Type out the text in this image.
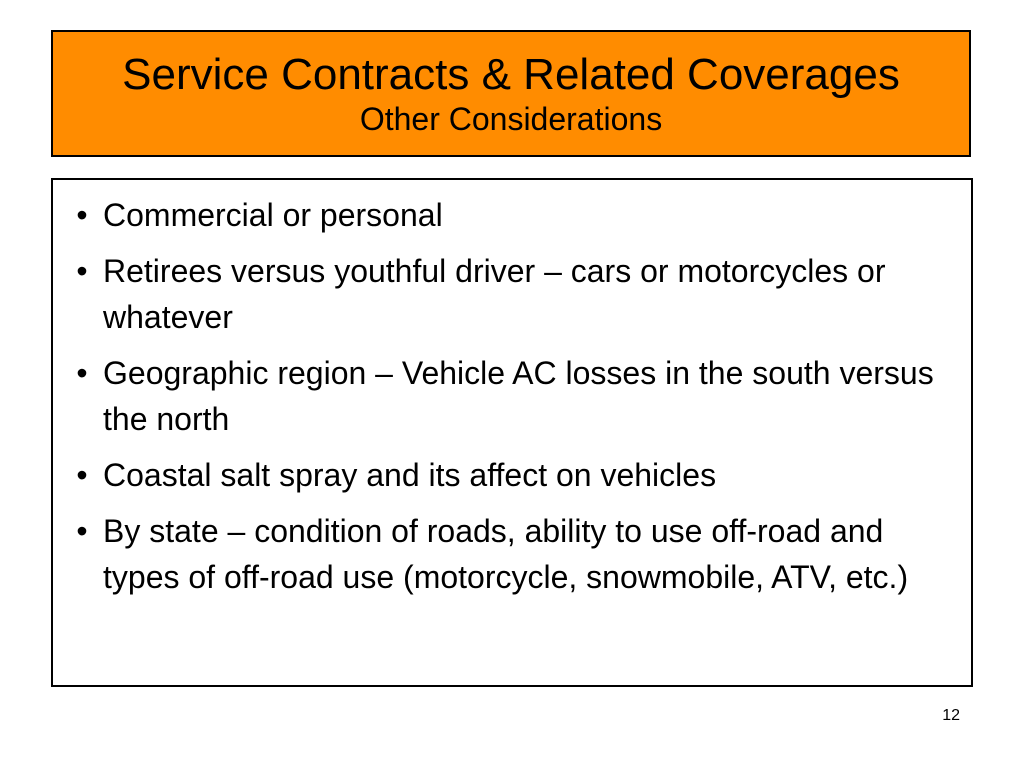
Service Contracts & Related Coverages
Other Considerations
• Commercial or personal
• Retirees versus youthful driver – cars or motorcycles or whatever
• Geographic region – Vehicle AC losses in the south versus the north
• Coastal salt spray and its affect on vehicles
• By state – condition of roads, ability to use off-road and types of off-road use (motorcycle, snowmobile, ATV, etc.)
12
